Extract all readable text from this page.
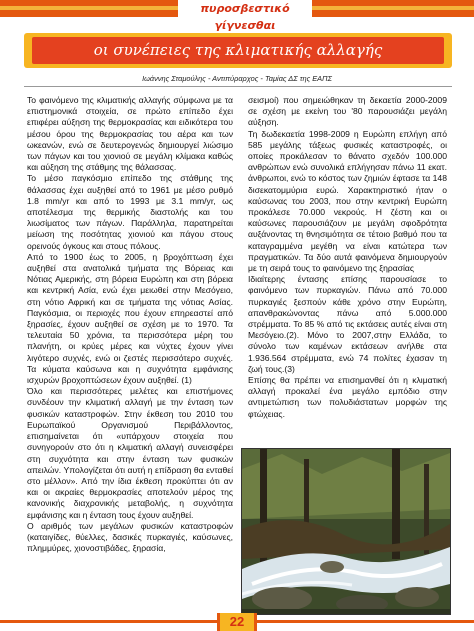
πυροσβεστικό γίγνεσθαι
οι συνέπειες της κλιματικής αλλαγής
Ιωάννης Σταμούλης - Αντιπύραρχος - Ταμίας ΔΣ της ΕΑΠΣ

Το φαινόμενο της κλιματικής αλλαγής σύμφωνα με τα επιστημονικά στοιχεία, σε πρώτο επίπεδο έχει επιφέρει αύξηση της θερμοκρασίας και ειδικότερα του μέσου όρου της θερμοκρασίας του αέρα και των ωκεανών, ενώ σε δευτερογενώς δημιουργεί λιώσιμο των πάγων και του χιονιού σε μεγάλη κλίμακα καθώς και αύξηση της στάθμης της θάλασσας.

Το μέσο παγκόσμιο επίπεδο της στάθμης της θάλασσας έχει αυξηθεί από το 1961 με μέσο ρυθμό 1.8 mm/yr και από το 1993 με 3.1 mm/yr, ως αποτέλεσμα της θερμικής διαστολής και του λιωσίματος των πάγων. Παράλληλα, παρατηρείται μείωση της ποσότητας χιονιού και πάγου στους ορεινούς όγκους και στους πόλους.

Από το 1900 έως το 2005, η βροχόπτωση έχει αυξηθεί στα ανατολικά τμήματα της Βόρειας και Νότιας Αμερικής, στη βόρεια Ευρώπη και στη βόρεια και κεντρική Ασία, ενώ έχει μειωθεί στην Μεσόγειο, στη νότιο Αφρική και σε τμήματα της νότιας Ασίας. Παγκόσμια, οι περιοχές που έχουν επηρεαστεί από ξηρασίες, έχουν αυξηθεί σε σχέση με το 1970. Τα τελευταία 50 χρόνια, τα περισσότερα μέρη του πλανήτη, οι κρύες μέρες και νύχτες έχουν γίνει λιγότερο συχνές, ενώ οι ζεστές περισσότερο συχνές. Τα κύματα καύσωνα και η συχνότητα εμφάνισης ισχυρών βροχοπτώσεων έχουν αυξηθεί. (1)

Όλο και περισσότερες μελέτες και επιστήμονες συνδέουν την κλιματική αλλαγή με την ένταση των φυσικών καταστροφών. Στην έκθεση του 2010 του Ευρωπαϊκού Οργανισμού Περιβάλλοντος, επισημαίνεται ότι «υπάρχουν στοιχεία που συνηγορούν στο ότι η κλιματική αλλαγή συνεισφέρει στη συχνότητα και στην ένταση των φυσικών απειλών. Υπολογίζεται ότι αυτή η επίδραση θα ενταθεί στο μέλλον». Από την ίδια έκθεση προκύπτει ότι αν και οι ακραίες θερμοκρασίες αποτελούν μέρος της κανονικής διαχρονικής μεταβολής, η συχνότητα εμφάνισης και η ένταση τους έχουν αυξηθεί.

Ο αριθμός των μεγάλων φυσικών καταστροφών (καταιγίδες, θύελλες, δασικές πυρκαγιές, καύσωνες, πλημμύρες, χιονοστιβάδες, ξηρασία,

σεισμοί) που σημειώθηκαν τη δεκαετία 2000-2009 σε σχέση με εκείνη του '80 παρουσιάζει μεγάλη αύξηση.

Τη δωδεκαετία 1998-2009 η Ευρώπη επλήγη από 585 μεγάλης τάξεως φυσικές καταστροφές, οι οποίες προκάλεσαν το θάνατο σχεδόν 100.000 ανθρώπων ενώ συνολικά επλήγησαν πάνω 11 εκατ. άνθρωποι, ενώ το κόστος των ζημιών έφτασε τα 148 δισεκατομμύρια ευρώ. Χαρακτηριστικό ήταν ο καύσωνας του 2003, που στην κεντρική Ευρώπη προκάλεσε 70.000 νεκρούς. Η ζέστη και οι καύσωνες παρουσιάζουν με μεγάλη σφοδρότητα αυξάνοντας τη θνησιμότητα σε τέτοιο βαθμό που τα καταγραμμένα μεγέθη να είναι κατώτερα των πραγματικών. Τα δύο αυτά φαινόμενα δημιουργούν με τη σειρά τους το φαινόμενο της ξηρασίας

Ιδιαίτερης έντασης επίσης παρουσίασε το φαινόμενο των πυρκαγιών. Πάνω από 70.000 πυρκαγιές ξεσπούν κάθε χρόνο στην Ευρώπη, απανθρακώνοντας πάνω από 5.000.000 στρέμματα. Το 85 % από τις εκτάσεις αυτές είναι στη Μεσόγειο.(2). Μόνο το 2007,στην Ελλάδα, το σύνολο των καμένων εκτάσεων ανήλθε στα 1.936.564 στρέμματα, ενώ 74 πολίτες έχασαν τη ζωή τους.(3)

Επίσης θα πρέπει να επισημανθεί ότι η κλιματική αλλαγή προκαλεί ένα μεγάλο εμπόδιο στην αντιμετώπιση των πολυδιάστατων μορφών της φτώχειας.

22
